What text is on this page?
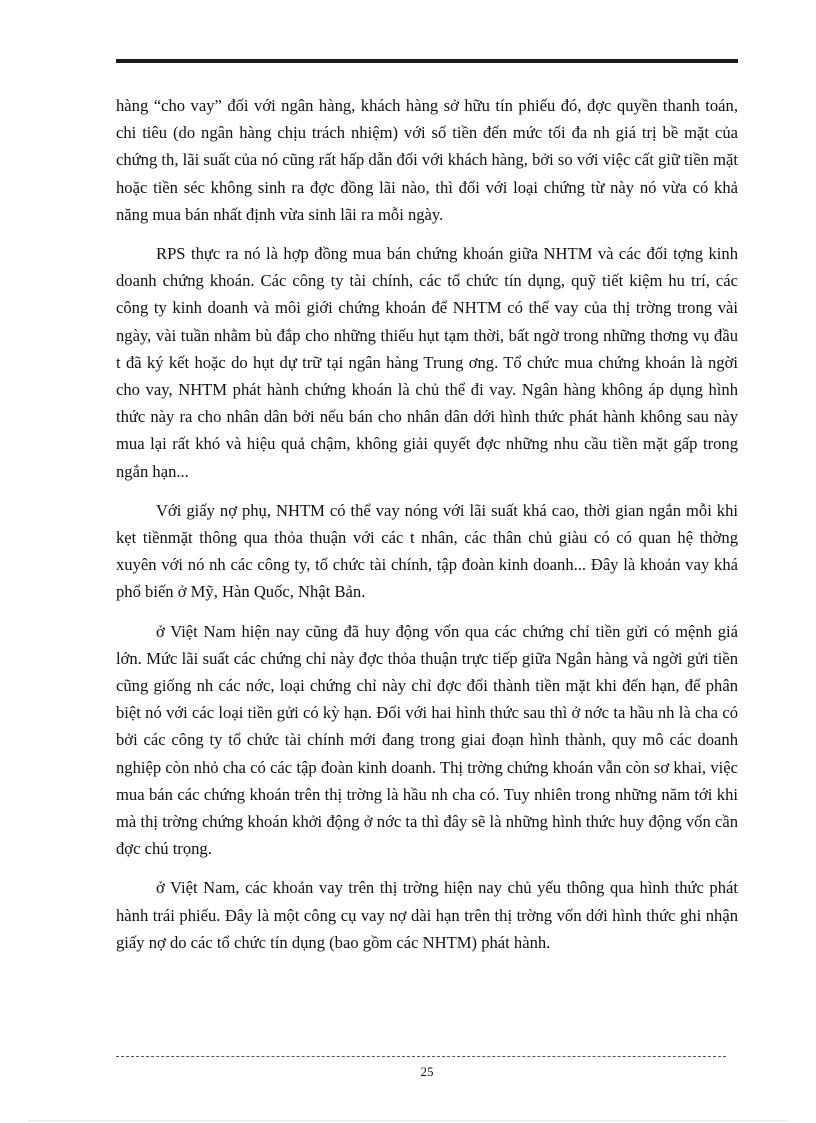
hàng “cho vay” đối với ngân hàng, khách hàng sở hữu tín phiếu đó, đợc quyền thanh toán, chi tiêu (do ngân hàng chịu trách nhiệm) với số tiền đến mức tối đa nh giá trị bề mặt của chứng th, lãi suất của nó cũng rất hấp dẫn đối với khách hàng, bởi so với việc cất giữ tiền mặt hoặc tiền séc không sinh ra đợc đồng lãi nào, thì đối với loại chứng từ này nó vừa có khả năng mua bán nhất định vừa sinh lãi ra mỗi ngày.

RPS thực ra nó là hợp đồng mua bán chứng khoán giữa NHTM và các đối tợng kinh doanh chứng khoán. Các công ty tài chính, các tổ chức tín dụng, quỹ tiết kiệm hu trí, các công ty kinh doanh và môi giới chứng khoán để NHTM có thể vay của thị trờng trong vài ngày, vài tuần nhằm bù đắp cho những thiếu hụt tạm thời, bất ngờ trong những thơng vụ đầu t đã ký kết hoặc do hụt dự trữ tại ngân hàng Trung ơng. Tổ chức mua chứng khoán là ngời cho vay, NHTM phát hành chứng khoán là chủ thể đi vay. Ngân hàng không áp dụng hình thức này ra cho nhân dân bởi nếu bán cho nhân dân dới hình thức phát hành không sau này mua lại rất khó và hiệu quả chậm, không giải quyết đợc những nhu cầu tiền mặt gấp trong ngắn hạn...

Với giấy nợ phụ, NHTM có thể vay nóng với lãi suất khá cao, thời gian ngắn mỗi khi kẹt tiềnmặt thông qua thỏa thuận với các t nhân, các thân chủ giàu có có quan hệ thờng xuyên với nó nh các công ty, tổ chức tài chính, tập đoàn kinh doanh... Đây là khoản vay khá phổ biến ở Mỹ, Hàn Quốc, Nhật Bản.

ở Việt Nam hiện nay cũng đã huy động vốn qua các chứng chỉ tiền gửi có mệnh giá lớn. Mức lãi suất các chứng chỉ này đợc thỏa thuận trực tiếp giữa Ngân hàng và ngời gửi tiền cũng giống nh các nớc, loại chứng chỉ này chỉ đợc đổi thành tiền mặt khi đến hạn, để phân biệt nó với các loại tiền gửi có kỳ hạn. Đối với hai hình thức sau thì ở nớc ta hầu nh là cha có bởi các công ty tổ chức tài chính mới đang trong giai đoạn hình thành, quy mô các doanh nghiệp còn nhỏ cha có các tập đoàn kinh doanh. Thị trờng chứng khoán vẫn còn sơ khai, việc mua bán các chứng khoán trên thị trờng là hầu nh cha có. Tuy nhiên trong những năm tới khi mà thị trờng chứng khoán khởi động ở nớc ta thì đây sẽ là những hình thức huy động vốn cần đợc chú trọng.

ở Việt Nam, các khoản vay trên thị trờng hiện nay chủ yếu thông qua hình thức phát hành trái phiếu. Đây là một công cụ vay nợ dài hạn trên thị trờng vốn dới hình thức ghi nhận giấy nợ do các tổ chức tín dụng (bao gồm các NHTM) phát hành.

25
